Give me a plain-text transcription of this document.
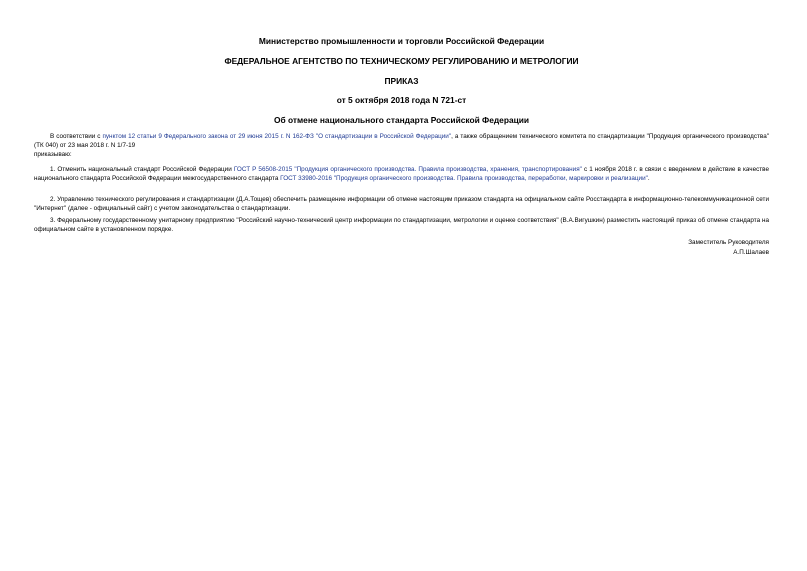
Министерство промышленности и торговли Российской Федерации
ФЕДЕРАЛЬНОЕ АГЕНТСТВО ПО ТЕХНИЧЕСКОМУ РЕГУЛИРОВАНИЮ И МЕТРОЛОГИИ
ПРИКАЗ
от 5 октября 2018 года N 721-ст
Об отмене национального стандарта Российской Федерации

В соответствии с пунктом 12 статьи 9 Федерального закона от 29 июня 2015 г. N 162-ФЗ "О стандартизации в Российской Федерации", а также обращением технического комитета по стандартизации "Продукция органического производства" (ТК 040) от 23 мая 2018 г. N 1/7-19

приказываю:

1. Отменить национальный стандарт Российской Федерации ГОСТ Р 56508-2015 "Продукция органического производства. Правила производства, хранения, транспортирования" с 1 ноября 2018 г. в связи с введением в действие в качестве национального стандарта Российской Федерации межгосударственного стандарта ГОСТ 33980-2016 "Продукция органического производства. Правила производства, переработки, маркировки и реализации".

2. Управлению технического регулирования и стандартизации (Д.А.Тощев) обеспечить размещение информации об отмене настоящим приказом стандарта на официальном сайте Росстандарта в информационно-телекоммуникационной сети "Интернет" (далее - официальный сайт) с учетом законодательства о стандартизации.

3. Федеральному государственному унитарному предприятию "Российский научно-технический центр информации по стандартизации, метрологии и оценке соответствия" (В.А.Вигушкин) разместить настоящий приказ об отмене стандарта на официальном сайте в установленном порядке.

Заместитель Руководителя
А.П.Шалаев
